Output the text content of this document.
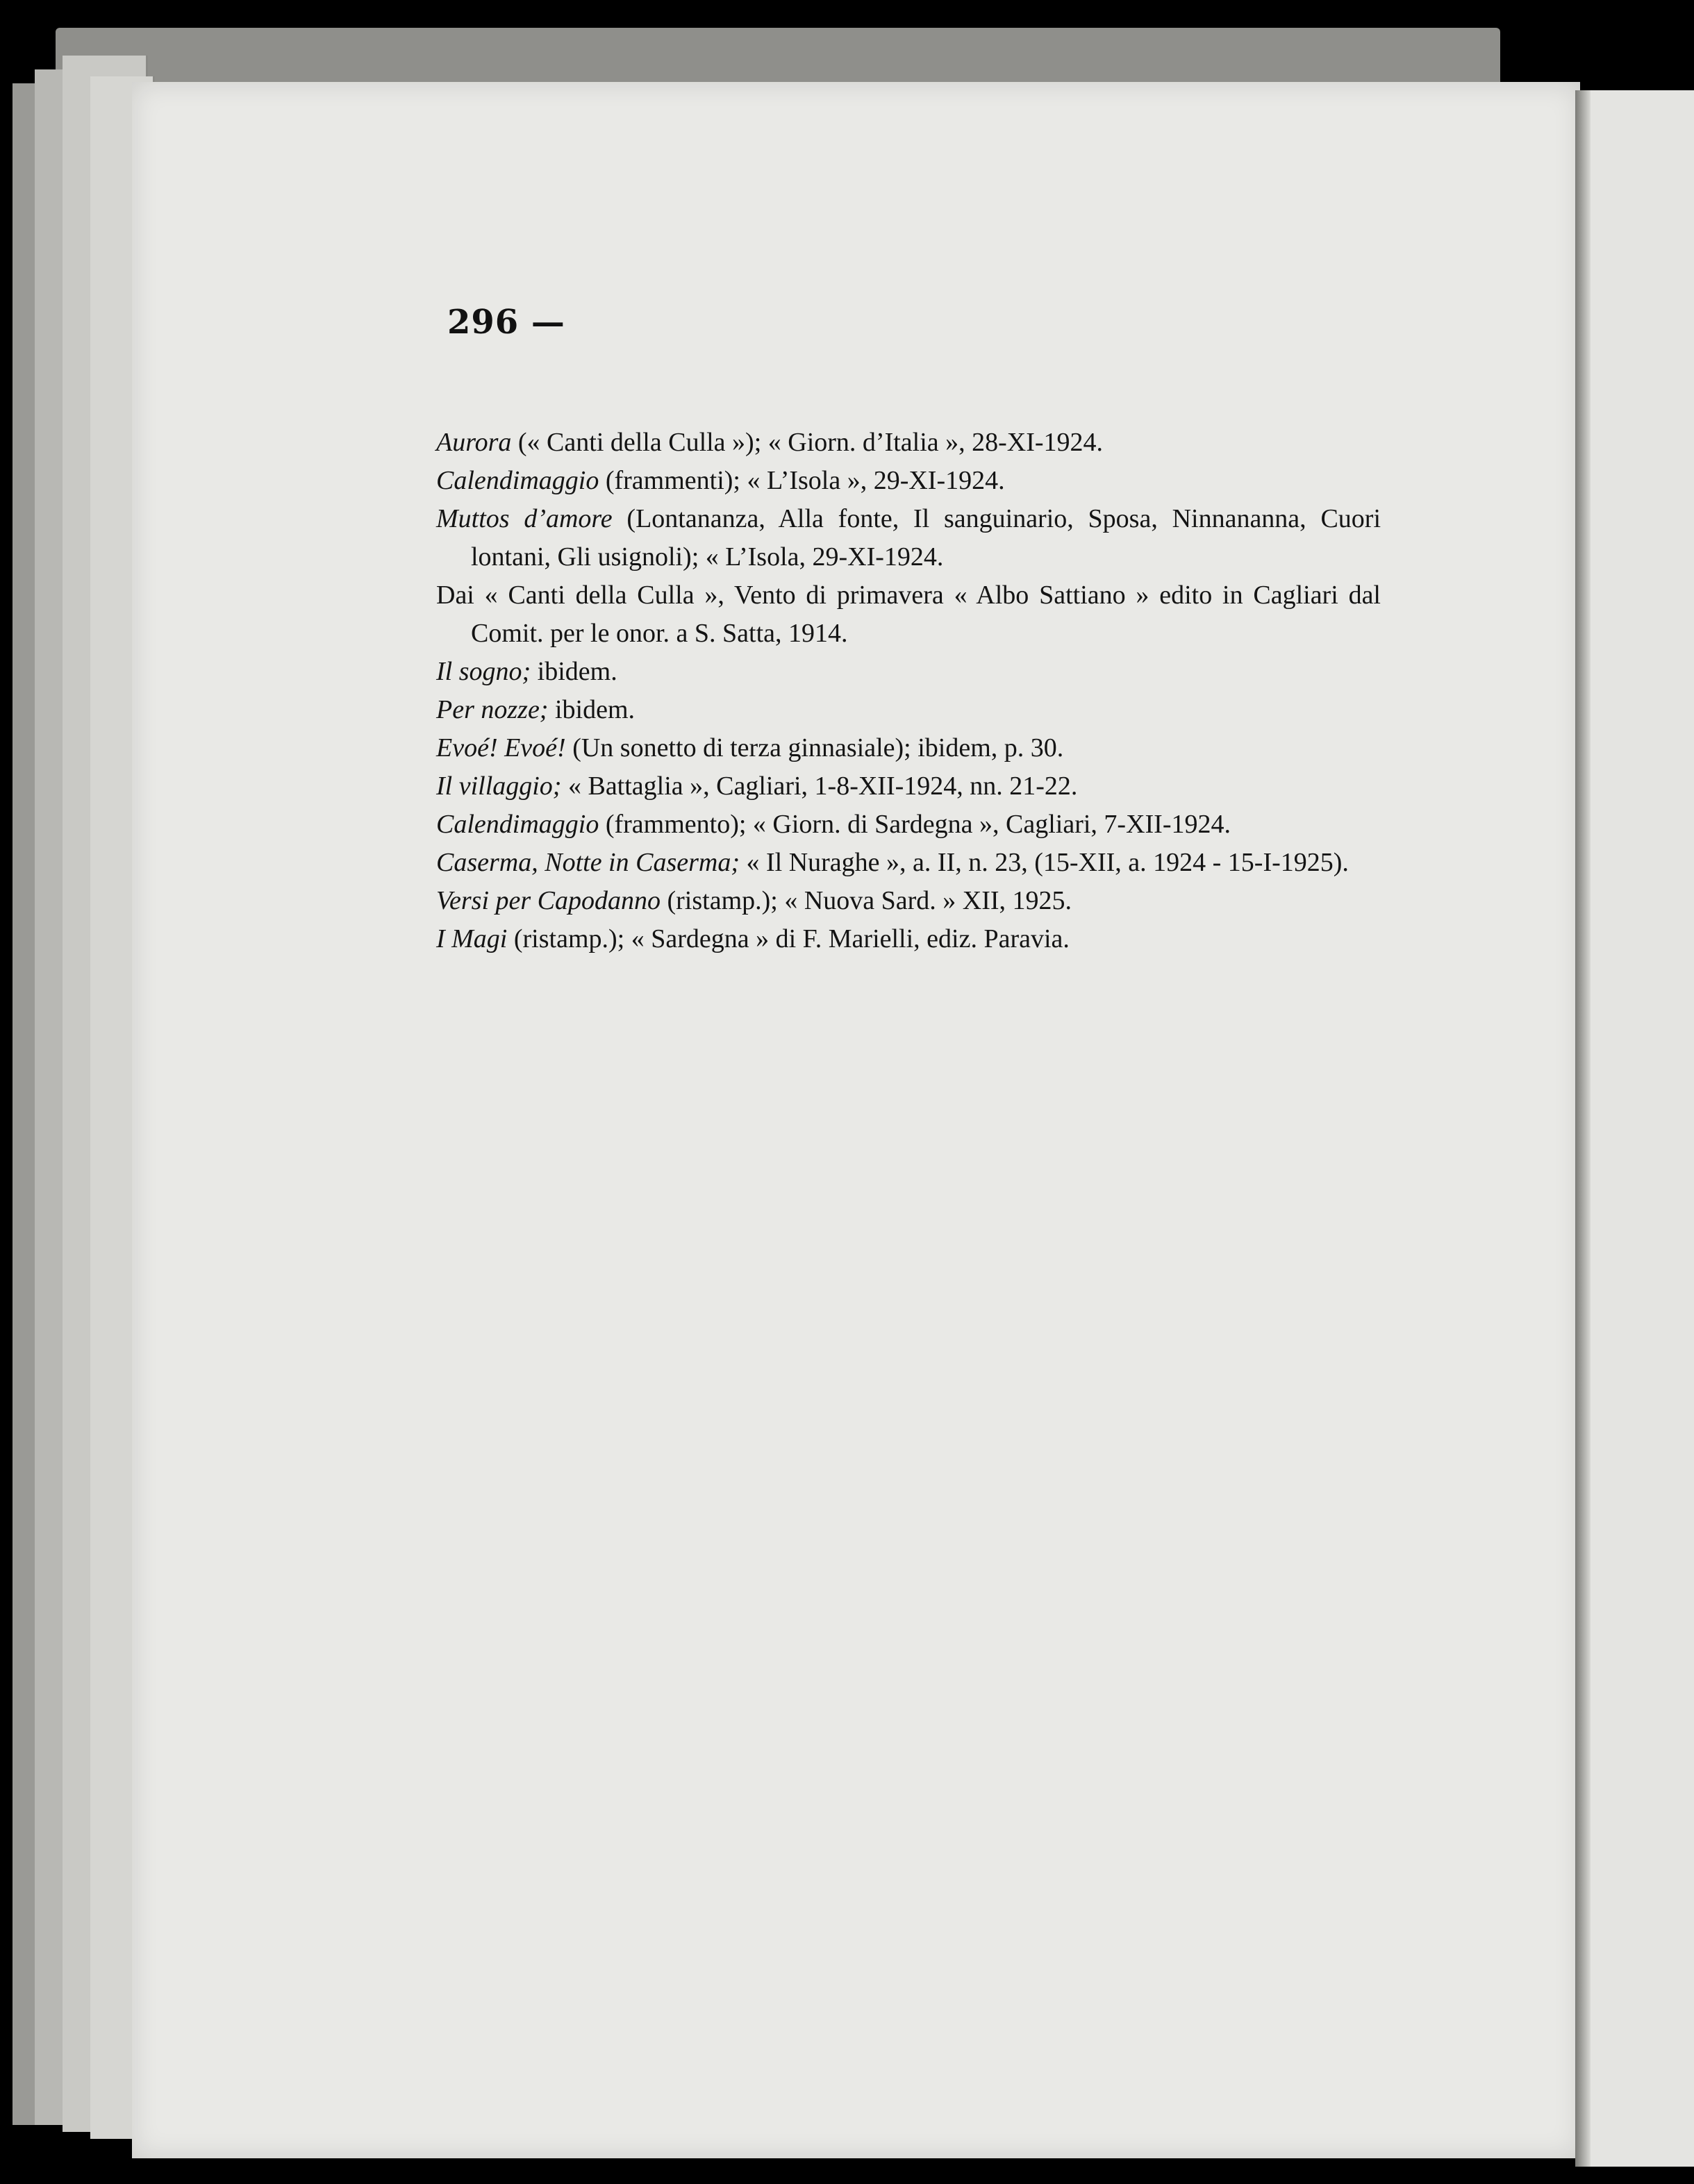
296 —
Aurora (« Canti della Culla »); « Giorn. d’Italia », 28-XI-1924.
Calendimaggio (frammenti); « L’Isola », 29-XI-1924.
Muttos d’amore (Lontananza, Alla fonte, Il sanguinario, Sposa, Ninnananna, Cuori lontani, Gli usignoli); « L’Isola, 29-XI-1924.
Dai « Canti della Culla », Vento di primavera « Albo Sattiano » edito in Cagliari dal Comit. per le onor. a S. Satta, 1914.
Il sogno; ibidem.
Per nozze; ibidem.
Evoé! Evoé! (Un sonetto di terza ginnasiale); ibidem, p. 30.
Il villaggio; « Battaglia », Cagliari, 1-8-XII-1924, nn. 21-22.
Calendimaggio (frammento); « Giorn. di Sardegna », Cagliari, 7-XII-1924.
Caserma, Notte in Caserma; « Il Nuraghe », a. II, n. 23, (15-XII, a. 1924 - 15-I-1925).
Versi per Capodanno (ristamp.); « Nuova Sard. » XII, 1925.
I Magi (ristamp.); « Sardegna » di F. Marielli, ediz. Paravia.
